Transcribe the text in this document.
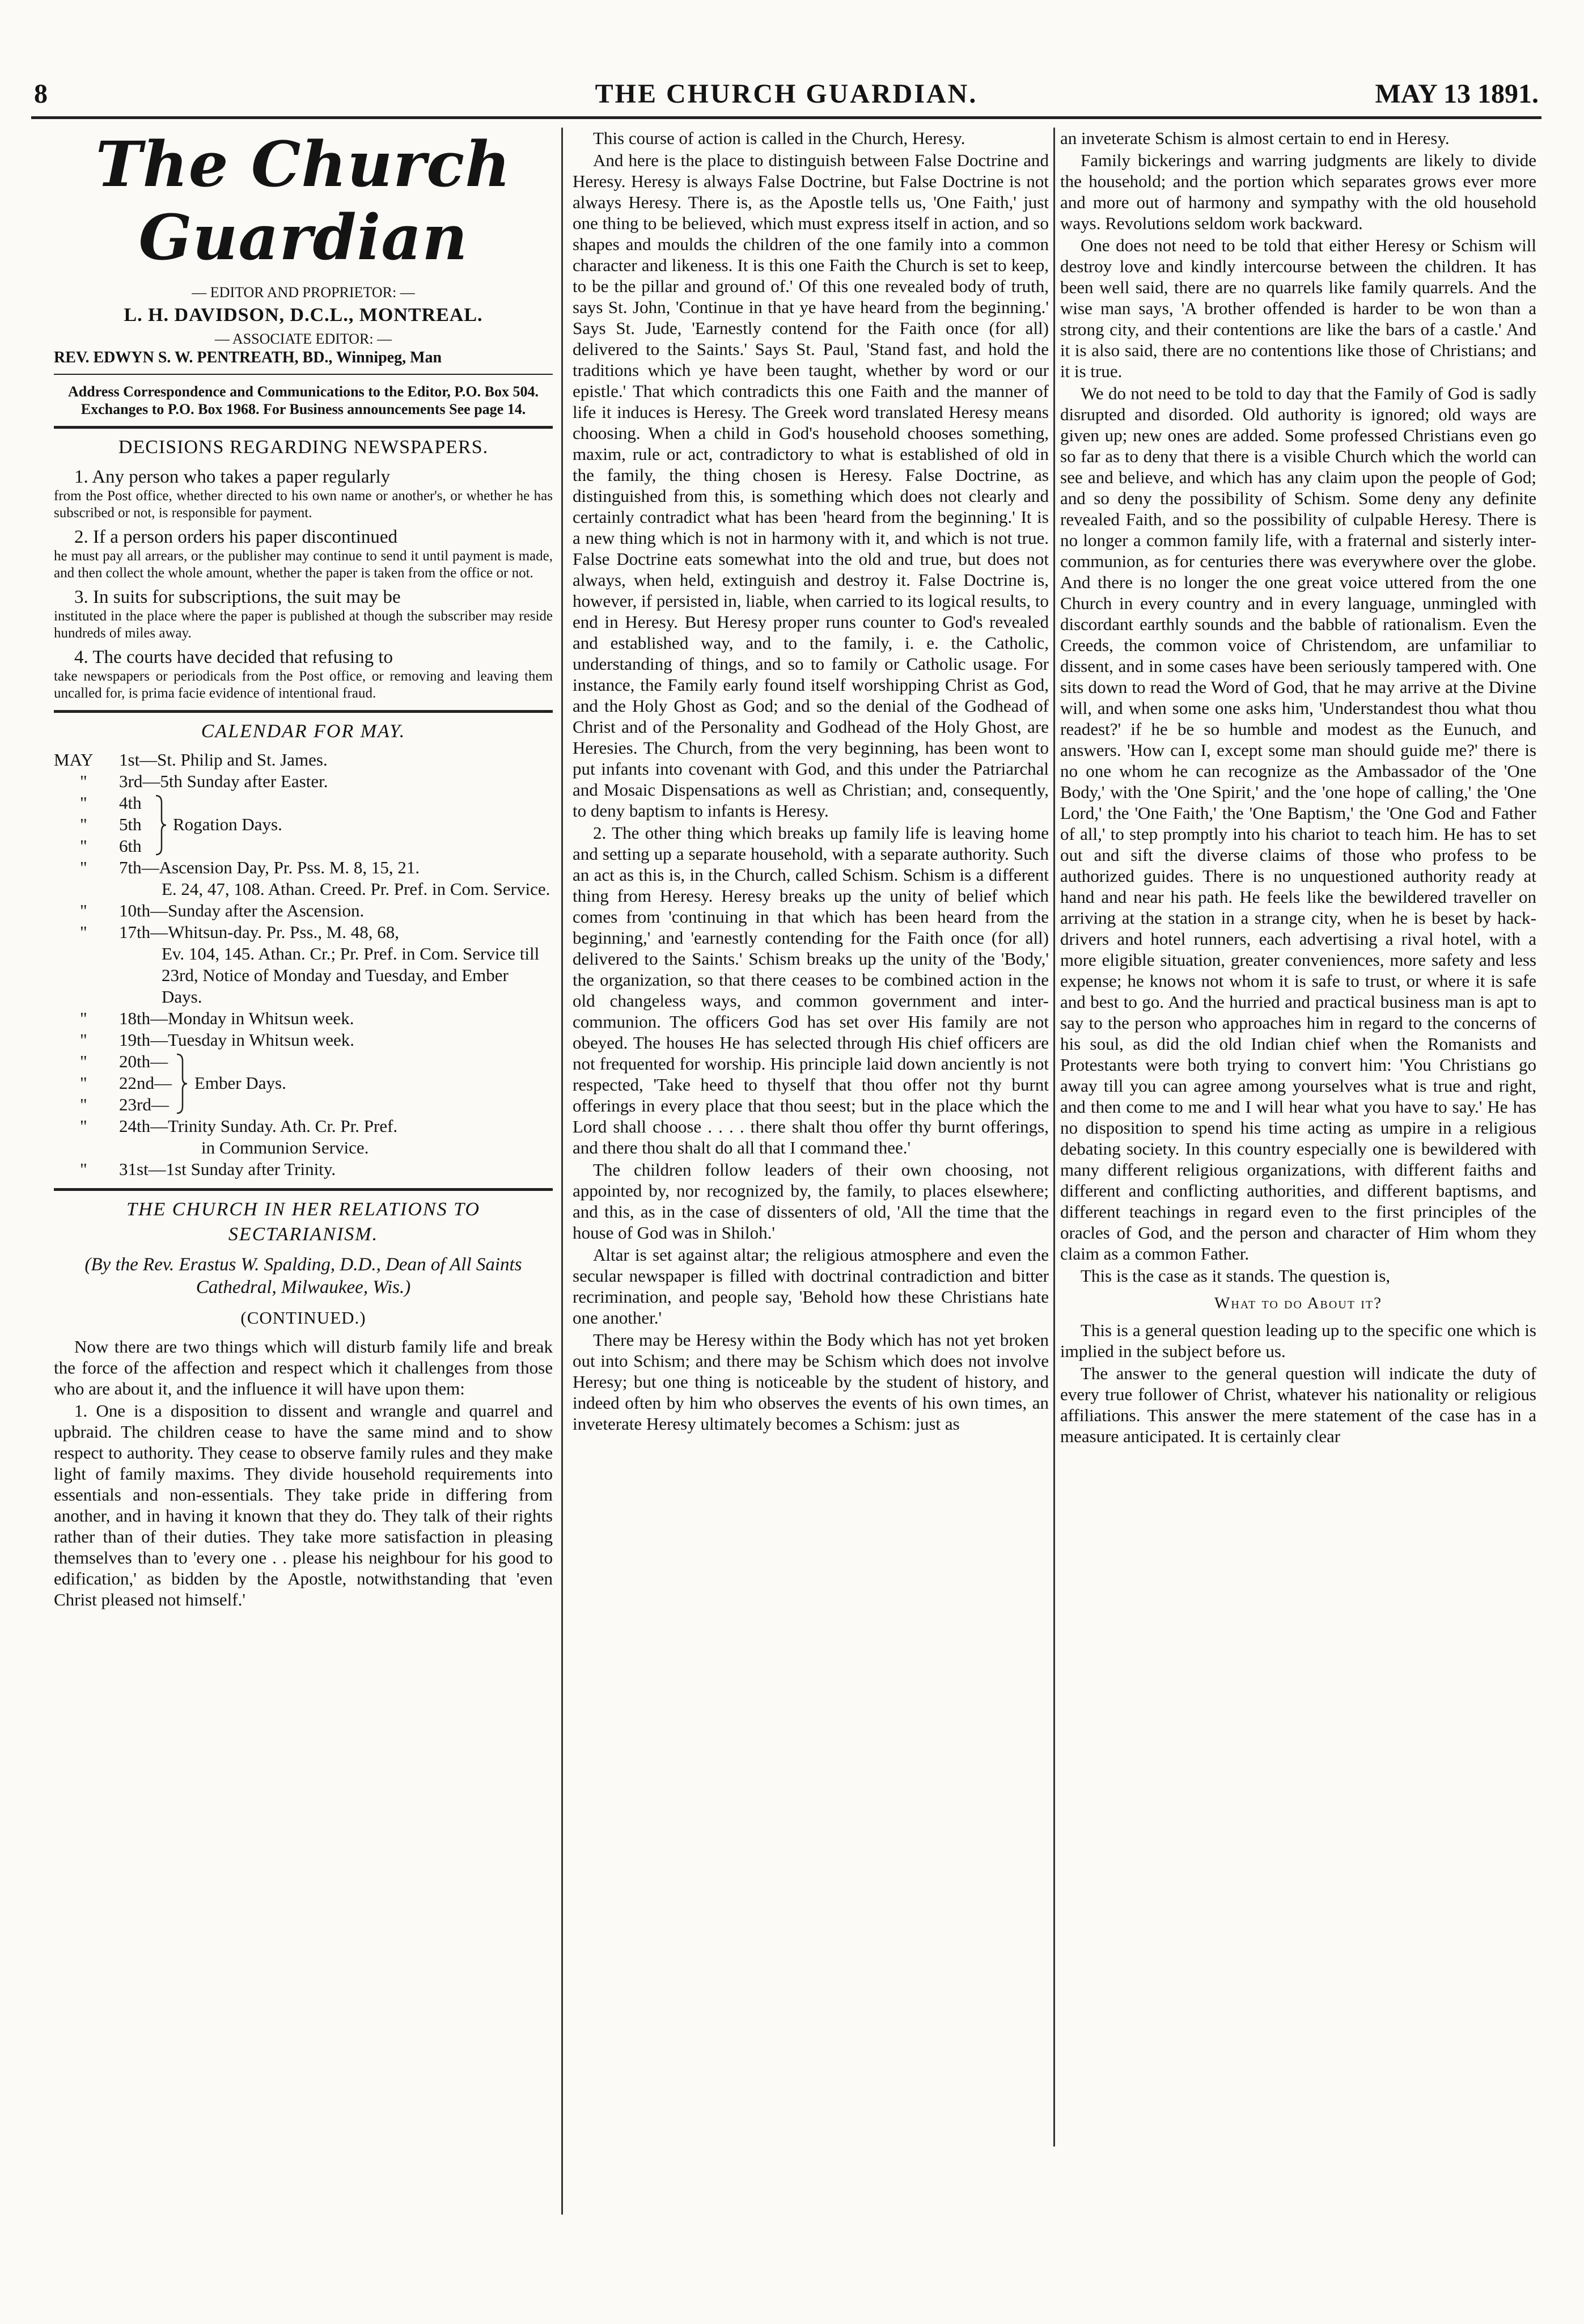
8	THE CHURCH GUARDIAN.	MAY 13 1891.
The Church Guardian

— EDITOR AND PROPRIETOR: —

L. H. DAVIDSON, D.C.L., MONTREAL.

— ASSOCIATE EDITOR: —

REV. EDWYN S. W. PENTREATH, BD., Winnipeg, Man

Address Correspondence and Communications to the Editor, P.O. Box 504. Exchanges to P.O. Box 1968. For Business announcements See page 14.

DECISIONS REGARDING NEWSPAPERS.

1. Any person who takes a paper regularly

from the Post office, whether directed to his own name or another's, or whether he has subscribed or not, is responsible for payment.

2. If a person orders his paper discontinued

he must pay all arrears, or the publisher may continue to send it until payment is made, and then collect the whole amount, whether the paper is taken from the office or not.

3. In suits for subscriptions, the suit may be

instituted in the place where the paper is published at though the subscriber may reside hundreds of miles away.

4. The courts have decided that refusing to

take newspapers or periodicals from the Post office, or removing and leaving them uncalled for, is prima facie evidence of intentional fraud.

CALENDAR FOR MAY.
MAY	1st—St. Philip and St. James.
"	3rd—5th Sunday after Easter.
" 4th
" 5th
" 6th
Rogation Days.
"	7th—Ascension Day, Pr. Pss. M. 8, 15, 21.

E. 24, 47, 108. Athan. Creed. Pr. Pref. in Com. Service.

"	10th—Sunday after the Ascension.
"	17th—Whitsun-day. Pr. Pss., M. 48, 68,

Ev. 104, 145. Athan. Cr.; Pr. Pref. in Com. Service till 23rd, Notice of Monday and Tuesday, and Ember Days.

"	18th—Monday in Whitsun week.
"	19th—Tuesday in Whitsun week.
" 20th—
" 22nd—
" 23rd—
Ember Days.
"	24th—Trinity Sunday. Ath. Cr. Pr. Pref.

in Communion Service.

"	31st—1st Sunday after Trinity.
THE CHURCH IN HER RELATIONS TO
SECTARIANISM.

(By the Rev. Erastus W. Spalding, D.D., Dean of All Saints Cathedral, Milwaukee, Wis.)

(CONTINUED.)

Now there are two things which will disturb family life and break the force of the affection and respect which it challenges from those who are about it, and the influence it will have upon them:

1. One is a disposition to dissent and wrangle and quarrel and upbraid. The children cease to have the same mind and to show respect to authority. They cease to observe family rules and they make light of family maxims. They divide household requirements into essentials and non-essentials. They take pride in differing from another, and in having it known that they do. They talk of their rights rather than of their duties. They take more satisfaction in pleasing themselves than to 'every one . . please his neighbour for his good to edification,' as bidden by the Apostle, notwithstanding that 'even Christ pleased not himself.'

This course of action is called in the Church, Heresy.

And here is the place to distinguish between False Doctrine and Heresy. Heresy is always False Doctrine, but False Doctrine is not always Heresy. There is, as the Apostle tells us, 'One Faith,' just one thing to be believed, which must express itself in action, and so shapes and moulds the children of the one family into a common character and likeness. It is this one Faith the Church is set to keep, to be the pillar and ground of.' Of this one revealed body of truth, says St. John, 'Continue in that ye have heard from the beginning.' Says St. Jude, 'Earnestly contend for the Faith once (for all) delivered to the Saints.' Says St. Paul, 'Stand fast, and hold the traditions which ye have been taught, whether by word or our epistle.' That which contradicts this one Faith and the manner of life it induces is Heresy. The Greek word translated Heresy means choosing. When a child in God's household chooses something, maxim, rule or act, contradictory to what is established of old in the family, the thing chosen is Heresy. False Doctrine, as distinguished from this, is something which does not clearly and certainly contradict what has been 'heard from the beginning.' It is a new thing which is not in harmony with it, and which is not true. False Doctrine eats somewhat into the old and true, but does not always, when held, extinguish and destroy it. False Doctrine is, however, if persisted in, liable, when carried to its logical results, to end in Heresy. But Heresy proper runs counter to God's revealed and established way, and to the family, i. e. the Catholic, understanding of things, and so to family or Catholic usage. For instance, the Family early found itself worshipping Christ as God, and the Holy Ghost as God; and so the denial of the Godhead of Christ and of the Personality and Godhead of the Holy Ghost, are Heresies. The Church, from the very beginning, has been wont to put infants into covenant with God, and this under the Patriarchal and Mosaic Dispensations as well as Christian; and, consequently, to deny baptism to infants is Heresy.

2. The other thing which breaks up family life is leaving home and setting up a separate household, with a separate authority. Such an act as this is, in the Church, called Schism. Schism is a different thing from Heresy. Heresy breaks up the unity of belief which comes from 'continuing in that which has been heard from the beginning,' and 'earnestly contending for the Faith once (for all) delivered to the Saints.' Schism breaks up the unity of the 'Body,' the organization, so that there ceases to be combined action in the old changeless ways, and common government and inter-communion. The officers God has set over His family are not obeyed. The houses He has selected through His chief officers are not frequented for worship. His principle laid down anciently is not respected, 'Take heed to thyself that thou offer not thy burnt offerings in every place that thou seest; but in the place which the Lord shall choose . . . . there shalt thou offer thy burnt offerings, and there thou shalt do all that I command thee.'

The children follow leaders of their own choosing, not appointed by, nor recognized by, the family, to places elsewhere; and this, as in the case of dissenters of old, 'All the time that the house of God was in Shiloh.'

Altar is set against altar; the religious atmosphere and even the secular newspaper is filled with doctrinal contradiction and bitter recrimination, and people say, 'Behold how these Christians hate one another.'

There may be Heresy within the Body which has not yet broken out into Schism; and there may be Schism which does not involve Heresy; but one thing is noticeable by the student of history, and indeed often by him who observes the events of his own times, an inveterate Heresy ultimately becomes a Schism: just as

an inveterate Schism is almost certain to end in Heresy.

Family bickerings and warring judgments are likely to divide the household; and the portion which separates grows ever more and more out of harmony and sympathy with the old household ways. Revolutions seldom work backward.

One does not need to be told that either Heresy or Schism will destroy love and kindly intercourse between the children. It has been well said, there are no quarrels like family quarrels. And the wise man says, 'A brother offended is harder to be won than a strong city, and their contentions are like the bars of a castle.' And it is also said, there are no contentions like those of Christians; and it is true.

We do not need to be told to day that the Family of God is sadly disrupted and disorded. Old authority is ignored; old ways are given up; new ones are added. Some professed Christians even go so far as to deny that there is a visible Church which the world can see and believe, and which has any claim upon the people of God; and so deny the possibility of Schism. Some deny any definite revealed Faith, and so the possibility of culpable Heresy. There is no longer a common family life, with a fraternal and sisterly inter-communion, as for centuries there was everywhere over the globe. And there is no longer the one great voice uttered from the one Church in every country and in every language, unmingled with discordant earthly sounds and the babble of rationalism. Even the Creeds, the common voice of Christendom, are unfamiliar to dissent, and in some cases have been seriously tampered with. One sits down to read the Word of God, that he may arrive at the Divine will, and when some one asks him, 'Understandest thou what thou readest?' if he be so humble and modest as the Eunuch, and answers. 'How can I, except some man should guide me?' there is no one whom he can recognize as the Ambassador of the 'One Body,' with the 'One Spirit,' and the 'one hope of calling,' the 'One Lord,' the 'One Faith,' the 'One Baptism,' the 'One God and Father of all,' to step promptly into his chariot to teach him. He has to set out and sift the diverse claims of those who profess to be authorized guides. There is no unquestioned authority ready at hand and near his path. He feels like the bewildered traveller on arriving at the station in a strange city, when he is beset by hack-drivers and hotel runners, each advertising a rival hotel, with a more eligible situation, greater conveniences, more safety and less expense; he knows not whom it is safe to trust, or where it is safe and best to go. And the hurried and practical business man is apt to say to the person who approaches him in regard to the concerns of his soul, as did the old Indian chief when the Romanists and Protestants were both trying to convert him: 'You Christians go away till you can agree among yourselves what is true and right, and then come to me and I will hear what you have to say.' He has no disposition to spend his time acting as umpire in a religious debating society. In this country especially one is bewildered with many different religious organizations, with different faiths and different and conflicting authorities, and different baptisms, and different teachings in regard even to the first principles of the oracles of God, and the person and character of Him whom they claim as a common Father.

This is the case as it stands. The question is,

What to do About it?

This is a general question leading up to the specific one which is implied in the subject before us.

The answer to the general question will indicate the duty of every true follower of Christ, whatever his nationality or religious affiliations. This answer the mere statement of the case has in a measure anticipated. It is certainly clear
